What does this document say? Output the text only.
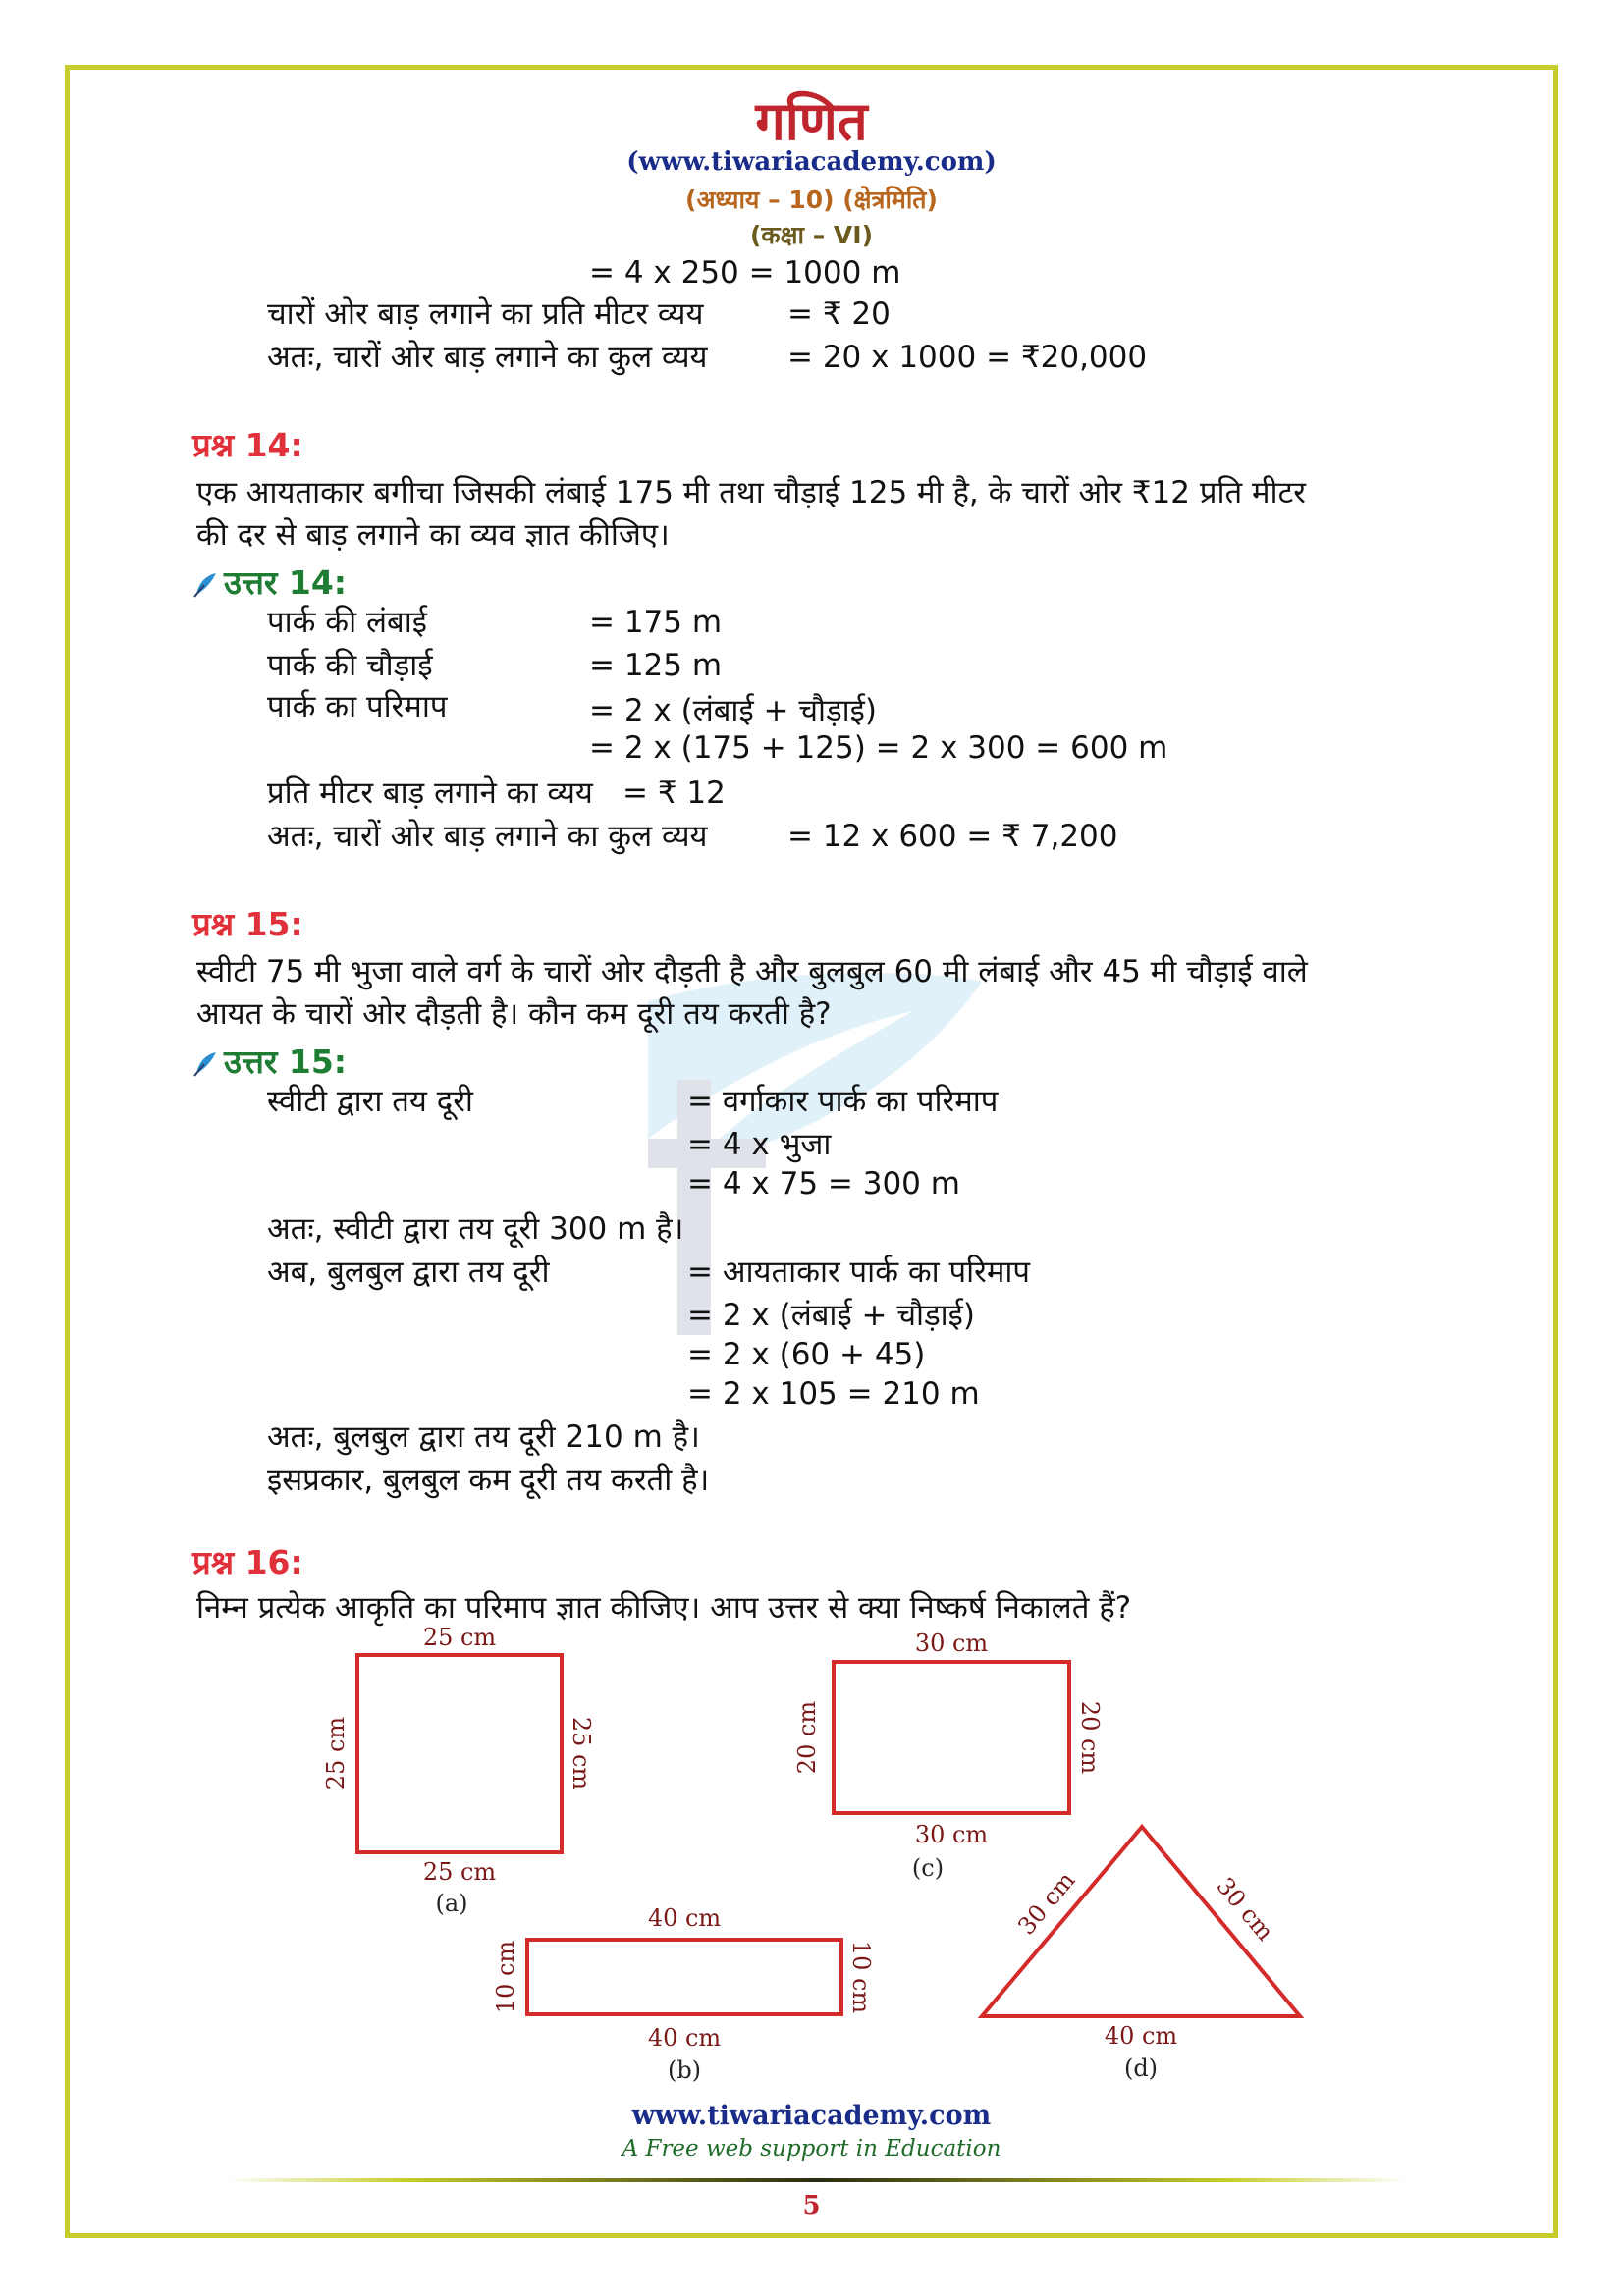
गणित
(www.tiwariacademy.com)
(अध्याय – 10) (क्षेत्रमिति)
(कक्षा – VI)
= 4 x 250 = 1000 m
चारों ओर बाड़ लगाने का प्रति मीटर व्यय	= ₹ 20
अतः, चारों ओर बाड़ लगाने का कुल व्यय	= 20 x 1000 = ₹20,000
प्रश्न 14:
एक आयताकार बगीचा जिसकी लंबाई 175 मी तथा चौड़ाई 125 मी है, के चारों ओर ₹12 प्रति मीटर
की दर से बाड़ लगाने का व्यव ज्ञात कीजिए।
उत्तर 14:
पार्क की लंबाई	= 175 m
पार्क की चौड़ाई	= 125 m
पार्क का परिमाप	= 2 x (लंबाई + चौड़ाई)
= 2 x (175 + 125) = 2 x 300 = 600 m
प्रति मीटर बाड़ लगाने का व्यय = ₹ 12
अतः, चारों ओर बाड़ लगाने का कुल व्यय	= 12 x 600 = ₹ 7,200
प्रश्न 15:
स्वीटी 75 मी भुजा वाले वर्ग के चारों ओर दौड़ती है और बुलबुल 60 मी लंबाई और 45 मी चौड़ाई वाले
आयत के चारों ओर दौड़ती है। कौन कम दूरी तय करती है?
उत्तर 15:
स्वीटी द्वारा तय दूरी	= वर्गाकार पार्क का परिमाप
= 4 x भुजा
= 4 x 75 = 300 m
अतः, स्वीटी द्वारा तय दूरी 300 m है।
अब, बुलबुल द्वारा तय दूरी	= आयताकार पार्क का परिमाप
= 2 x (लंबाई + चौड़ाई)
= 2 x (60 + 45)
= 2 x 105 = 210 m
अतः, बुलबुल द्वारा तय दूरी 210 m है।
इसप्रकार, बुलबुल कम दूरी तय करती है।
प्रश्न 16:
निम्न प्रत्येक आकृति का परिमाप ज्ञात कीजिए। आप उत्तर से क्या निष्कर्ष निकालते हैं?
25 cm
25 cm
25 cm	25 cm
(a)
30 cm
30 cm
20 cm	20 cm
(c)
40 cm
40 cm
10 cm	10 cm
(b)
30 cm	30 cm
40 cm
(d)
www.tiwariacademy.com
A Free web support in Education
5
